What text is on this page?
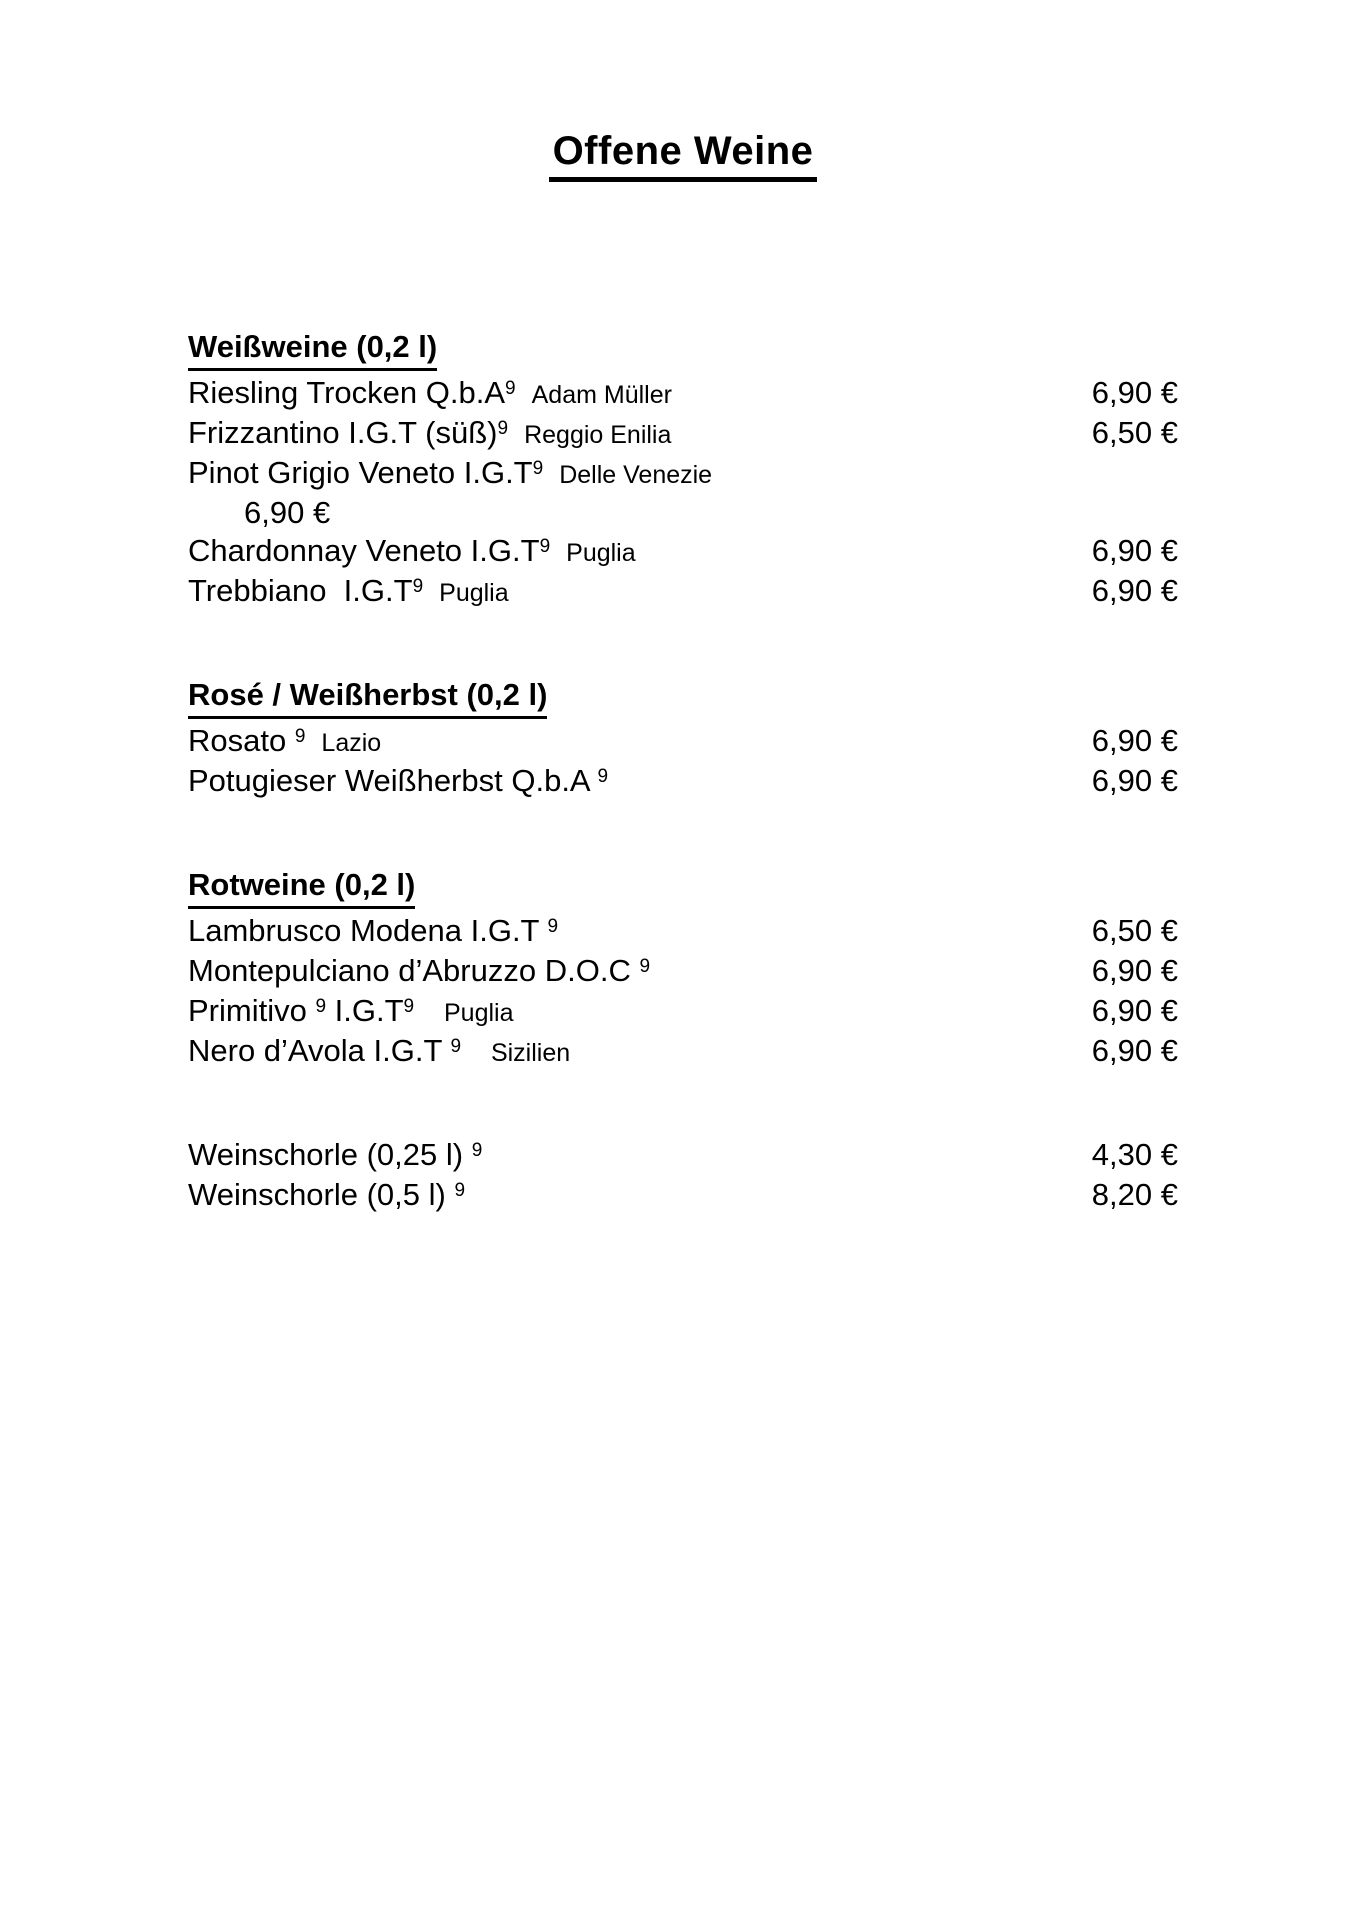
Offene Weine
Weißweine (0,2 l)
Riesling Trocken Q.b.A$^9$ Adam Müller	6,90 €
Frizzantino I.G.T (süß)$^9$ Reggio Enilia	6,50 €
Pinot Grigio Veneto I.G.T$^9$ Delle Venezie
6,90 €
Chardonnay Veneto I.G.T$^9$ Puglia	6,90 €
Trebbiano  I.G.T$^9$ Puglia	6,90 €
Rosé / Weißherbst (0,2 l)
Rosato $^9$ Lazio	6,90 €
Potugieser Weißherbst Q.b.A $^9$	6,90 €
Rotweine (0,2 l)
Lambrusco Modena I.G.T $^9$	6,50 €
Montepulciano d’Abruzzo D.O.C $^9$	6,90 €
Primitivo $^9$ I.G.T$^9$  Puglia	6,90 €
Nero d’Avola I.G.T $^9$  Sizilien	6,90 €
Weinschorle (0,25 l) $^9$	4,30 €
Weinschorle (0,5 l) $^9$	8,20 €
